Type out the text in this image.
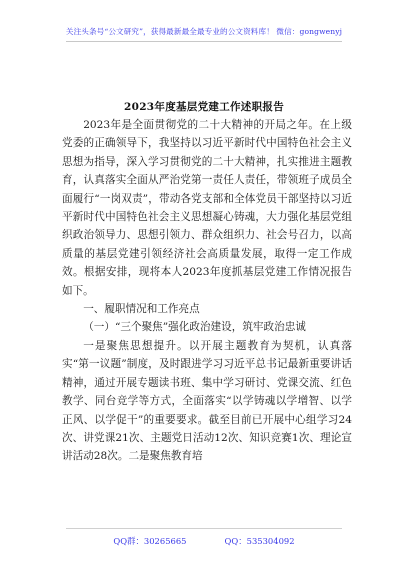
关注头条号“公文研究”，获得最新最全最专业的公文资料库！ 微信：gongwenyj
2023年度基层党建工作述职报告

2023年是全面贯彻党的二十大精神的开局之年。在上级党委的正确领导下，我坚持以习近平新时代中国特色社会主义思想为指导，深入学习贯彻党的二十大精神，扎实推进主题教育，认真落实全面从严治党第一责任人责任，带领班子成员全面履行“一岗双责”，带动各党支部和全体党员干部坚持以习近平新时代中国特色社会主义思想凝心铸魂，大力强化基层党组织政治领导力、思想引领力、群众组织力、社会号召力，以高质量的基层党建引领经济社会高质量发展，取得一定工作成效。根据安排，现将本人2023年度抓基层党建工作情况报告如下。

一、履职情况和工作亮点

（一）“三个聚焦”强化政治建设，筑牢政治忠诚

一是聚焦思想提升。以开展主题教育为契机，认真落实“第一议题”制度，及时跟进学习习近平总书记最新重要讲话精神，通过开展专题读书班、集中学习研讨、党课交流、红色教学、同台竞学等方式，全面落实“以学铸魂以学增智、以学正风、以学促干”的重要要求。截至目前已开展中心组学习24次、讲党课21次、主题党日活动12次、知识竞赛1次、理论宣讲活动28次。二是聚焦教育培

QQ群：30265665	QQ：535304092
